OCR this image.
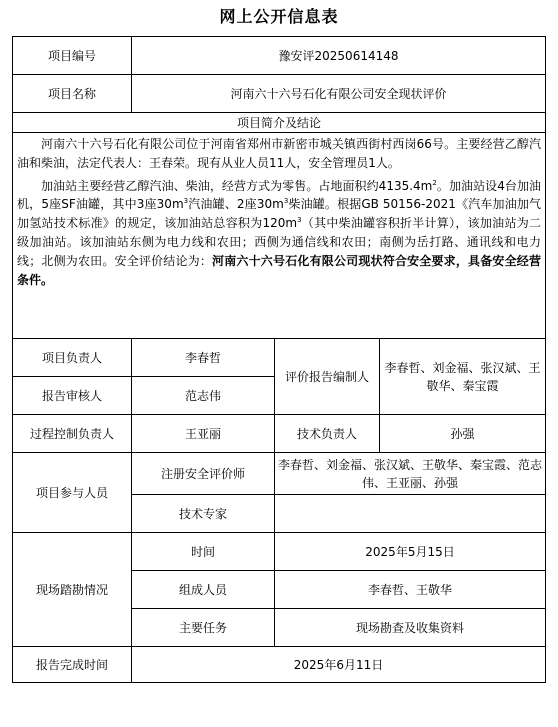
网上公开信息表
项目编号	豫安评20250614148		
项目名称	河南六十六号石化有限公司安全现状评价		
项目简介及结论			

河南六十六号石化有限公司位于河南省郑州市新密市城关镇西街村西岗66号。主要经营乙醇汽油和柴油，法定代表人：王春荣。现有从业人员11人，安全管理员1人。

加油站主要经营乙醇汽油、柴油，经营方式为零售。占地面积约$4135.4m^2$。加油站设4台加油机，5座SF油罐，其中3座$30m^3$汽油罐、2座$30m^3$柴油罐。根据GB 50156-2021《汽车加油加气加氢站技术标准》的规定，该加油站总容积为$120m^3$（其中柴油罐容积折半计算），该加油站为二级加油站。该加油站东侧为电力线和农田；西侧为通信线和农田；南侧为岳打路、通讯线和电力线；北侧为农田。安全评价结论为：河南六十六号石化有限公司现状符合安全要求，具备安全经营条件。			

项目负责人	李春哲	评价报告编制人	李春哲、刘金福、张汉斌、王敬华、秦宝霞
报告审核人	范志伟		
过程控制负责人	王亚丽	技术负责人	孙强
项目参与人员	注册安全评价师	李春哲、刘金福、张汉斌、王敬华、秦宝霞、范志伟、王亚丽、孙强	
	技术专家		
现场踏勘情况	时间	2025年5月15日	
	组成人员	李春哲、王敬华	
	主要任务	现场勘查及收集资料	
报告完成时间	2025年6月11日		
